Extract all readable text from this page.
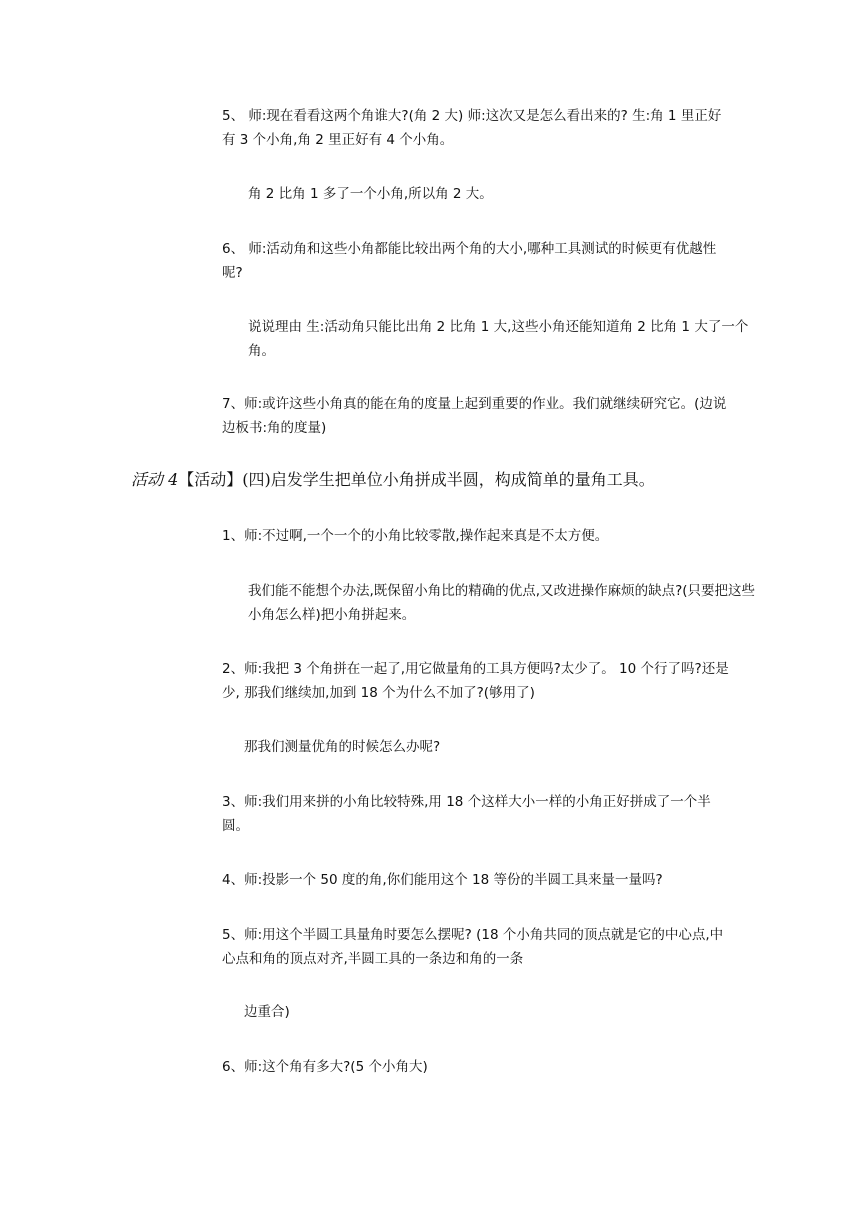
5、 师:现在看看这两个角谁大?(角 2 大) 师:这次又是怎么看出来的? 生:角 1 里正好有 3 个小角,角 2 里正好有 4 个小角。

角 2 比角 1 多了一个小角,所以角 2 大。

6、 师:活动角和这些小角都能比较出两个角的大小,哪种工具测试的时候更有优越性呢?

说说理由 生:活动角只能比出角 2 比角 1 大,这些小角还能知道角 2 比角 1 大了一个角。

7、师:或许这些小角真的能在角的度量上起到重要的作业。我们就继续研究它。(边说边板书:角的度量)

活动 4【活动】(四)启发学生把单位小角拼成半圆，构成简单的量角工具。

1、师:不过啊,一个一个的小角比较零散,操作起来真是不太方便。

我们能不能想个办法,既保留小角比的精确的优点,又改进操作麻烦的缺点?(只要把这些小角怎么样)把小角拼起来。

2、师:我把 3 个角拼在一起了,用它做量角的工具方便吗?太少了。 10 个行了吗?还是少, 那我们继续加,加到 18 个为什么不加了?(够用了)

那我们测量优角的时候怎么办呢?

3、师:我们用来拼的小角比较特殊,用 18 个这样大小一样的小角正好拼成了一个半圆。

4、师:投影一个 50 度的角,你们能用这个 18 等份的半圆工具来量一量吗?

5、师:用这个半圆工具量角时要怎么摆呢? (18 个小角共同的顶点就是它的中心点,中心点和角的顶点对齐,半圆工具的一条边和角的一条

边重合)

6、师:这个角有多大?(5 个小角大)
